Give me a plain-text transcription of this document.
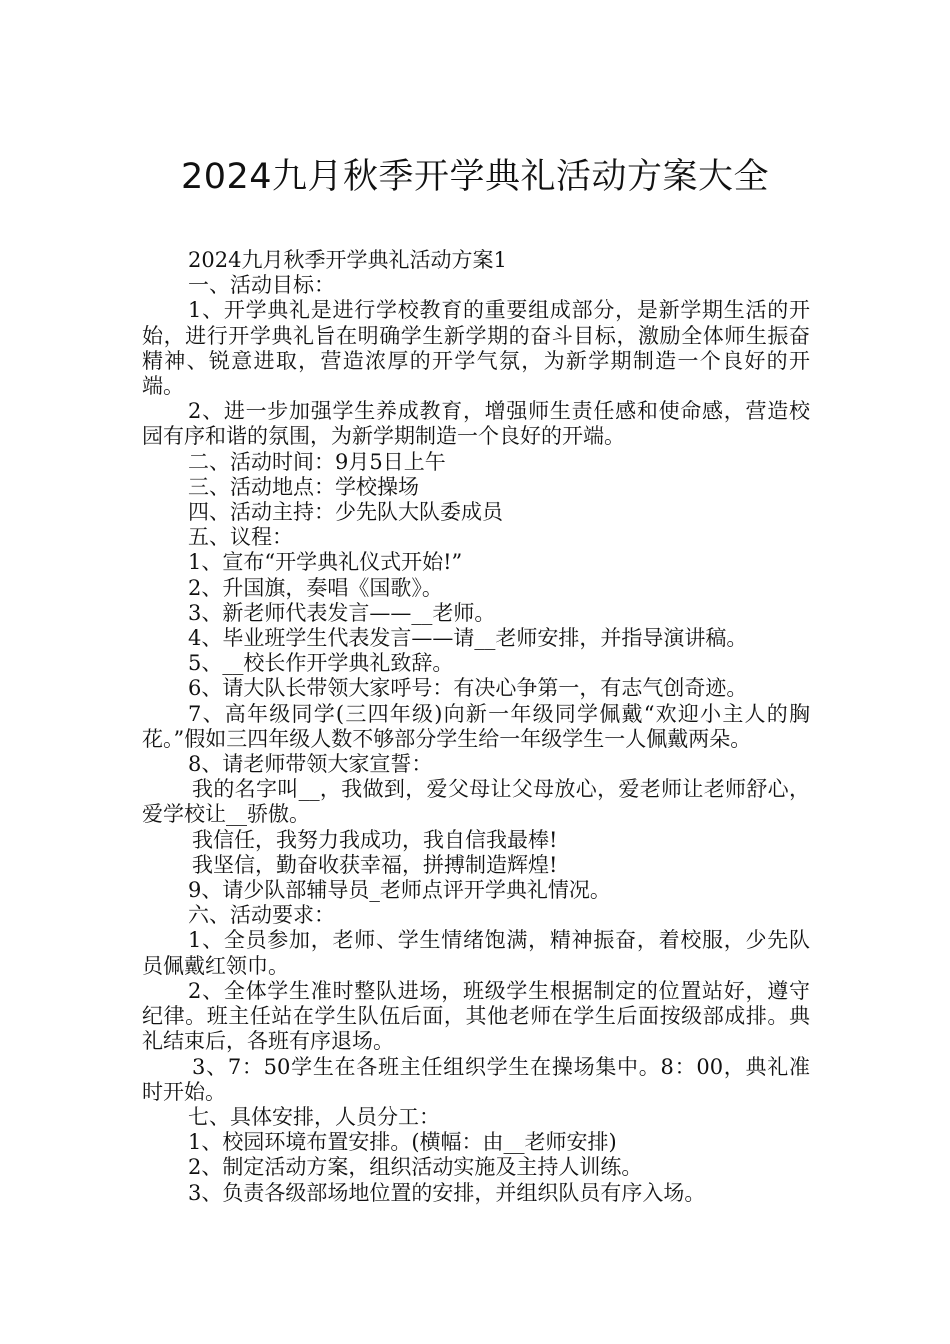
2024九月秋季开学典礼活动方案大全

2024九月秋季开学典礼活动方案1

一、活动目标：

1、开学典礼是进行学校教育的重要组成部分，是新学期生活的开始，进行开学典礼旨在明确学生新学期的奋斗目标，激励全体师生振奋精神、锐意进取，营造浓厚的开学气氛，为新学期制造一个良好的开端。

2、进一步加强学生养成教育，增强师生责任感和使命感，营造校园有序和谐的氛围，为新学期制造一个良好的开端。

二、活动时间：9月5日上午

三、活动地点：学校操场

四、活动主持：少先队大队委成员

五、议程：

1、宣布“开学典礼仪式开始!”

2、升国旗，奏唱《国歌》。

3、新老师代表发言——__老师。

4、毕业班学生代表发言——请__老师安排，并指导演讲稿。

5、__校长作开学典礼致辞。

6、请大队长带领大家呼号：有决心争第一，有志气创奇迹。

7、高年级同学(三四年级)向新一年级同学佩戴“欢迎小主人的胸花。”假如三四年级人数不够部分学生给一年级学生一人佩戴两朵。

8、请老师带领大家宣誓：

我的名字叫__，我做到，爱父母让父母放心，爱老师让老师舒心，爱学校让__骄傲。

我信任，我努力我成功，我自信我最棒!

我坚信，勤奋收获幸福，拼搏制造辉煌!

9、请少队部辅导员_老师点评开学典礼情况。

六、活动要求：

1、全员参加，老师、学生情绪饱满，精神振奋，着校服，少先队员佩戴红领巾。

2、全体学生准时整队进场，班级学生根据制定的位置站好，遵守纪律。班主任站在学生队伍后面，其他老师在学生后面按级部成排。典礼结束后，各班有序退场。

3、7：50学生在各班主任组织学生在操场集中。8：00，典礼准时开始。

七、具体安排，人员分工：

1、校园环境布置安排。(横幅：由__老师安排)

2、制定活动方案，组织活动实施及主持人训练。

3、负责各级部场地位置的安排，并组织队员有序入场。
